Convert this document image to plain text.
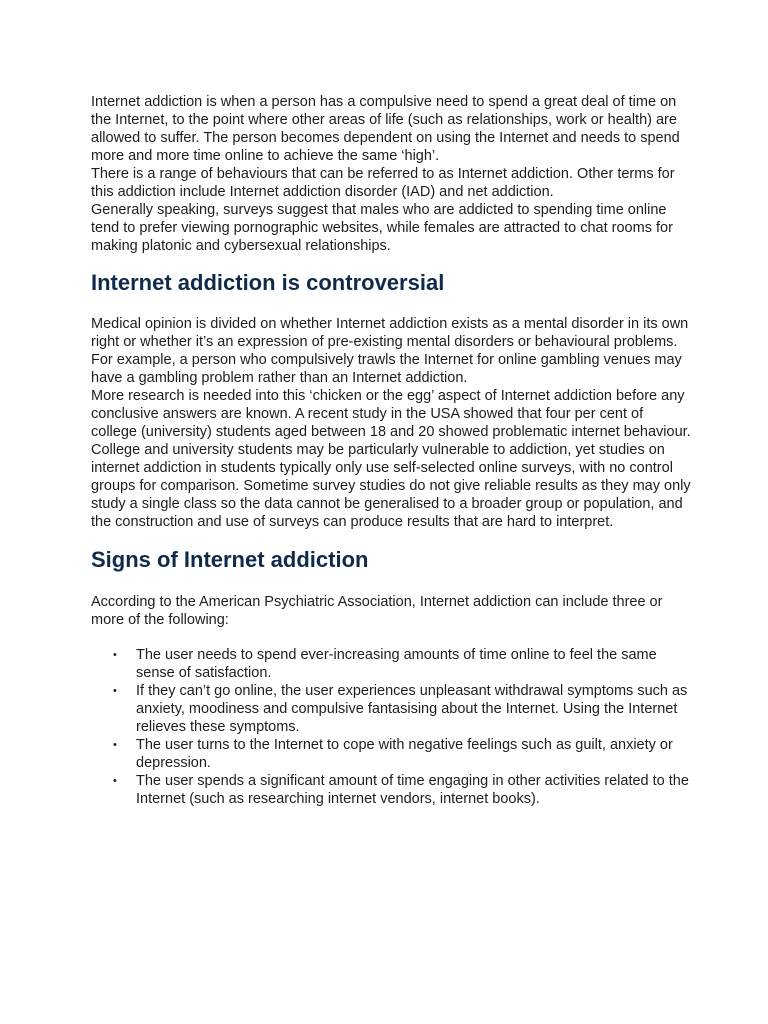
Internet addiction is when a person has a compulsive need to spend a great deal of time on the Internet, to the point where other areas of life (such as relationships, work or health) are allowed to suffer. The person becomes dependent on using the Internet and needs to spend more and more time online to achieve the same ‘high’.

There is a range of behaviours that can be referred to as Internet addiction. Other terms for this addiction include Internet addiction disorder (IAD) and net addiction.

Generally speaking, surveys suggest that males who are addicted to spending time online tend to prefer viewing pornographic websites, while females are attracted to chat rooms for making platonic and cybersexual relationships.

Internet addiction is controversial

Medical opinion is divided on whether Internet addiction exists as a mental disorder in its own right or whether it’s an expression of pre-existing mental disorders or behavioural problems. For example, a person who compulsively trawls the Internet for online gambling venues may have a gambling problem rather than an Internet addiction.

More research is needed into this ‘chicken or the egg’ aspect of Internet addiction before any conclusive answers are known. A recent study in the USA showed that four per cent of college (university) students aged between 18 and 20 showed problematic internet behaviour.

College and university students may be particularly vulnerable to addiction, yet studies on internet addiction in students typically only use self-selected online surveys, with no control groups for comparison. Sometime survey studies do not give reliable results as they may only study a single class so the data cannot be generalised to a broader group or population, and the construction and use of surveys can produce results that are hard to interpret.

Signs of Internet addiction

According to the American Psychiatric Association, Internet addiction can include three or more of the following:

• The user needs to spend ever-increasing amounts of time online to feel the same sense of satisfaction.
• If they can’t go online, the user experiences unpleasant withdrawal symptoms such as anxiety, moodiness and compulsive fantasising about the Internet. Using the Internet relieves these symptoms.
• The user turns to the Internet to cope with negative feelings such as guilt, anxiety or depression.
• The user spends a significant amount of time engaging in other activities related to the Internet (such as researching internet vendors, internet books).
